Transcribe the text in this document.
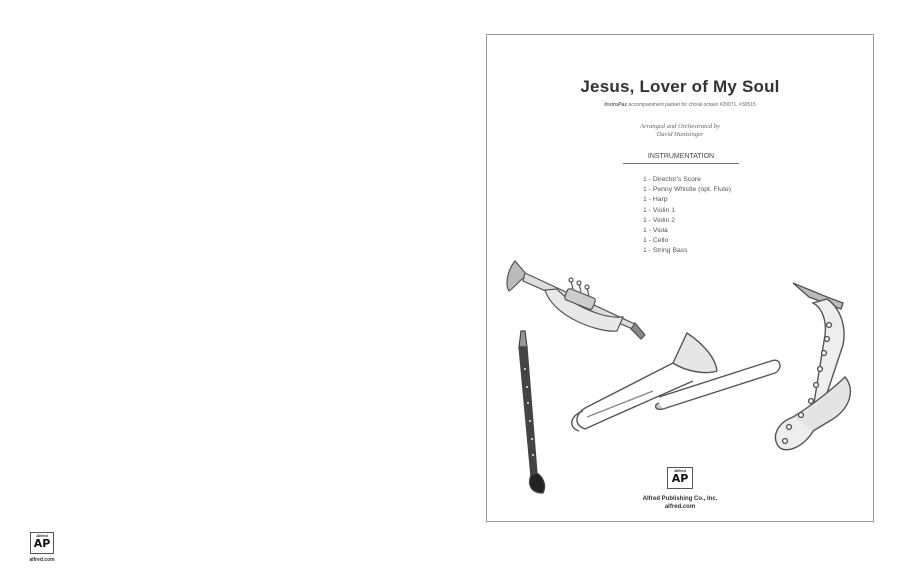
Alfred
AP
alfred.com
Jesus, Lover of My Soul
InstruPax accompaniment packet for choral octavo #29071, #30515
Arranged and Orchestrated by
David Huntsinger
INSTRUMENTATION
1 - Director's Score
1 - Penny Whistle (opt. Flute)
1 - Harp
1 - Violin 1
1 - Violin 2
1 - Viola
1 - Cello
1 - String Bass
Alfred
AP
Alfred Publishing Co., Inc.
alfred.com
